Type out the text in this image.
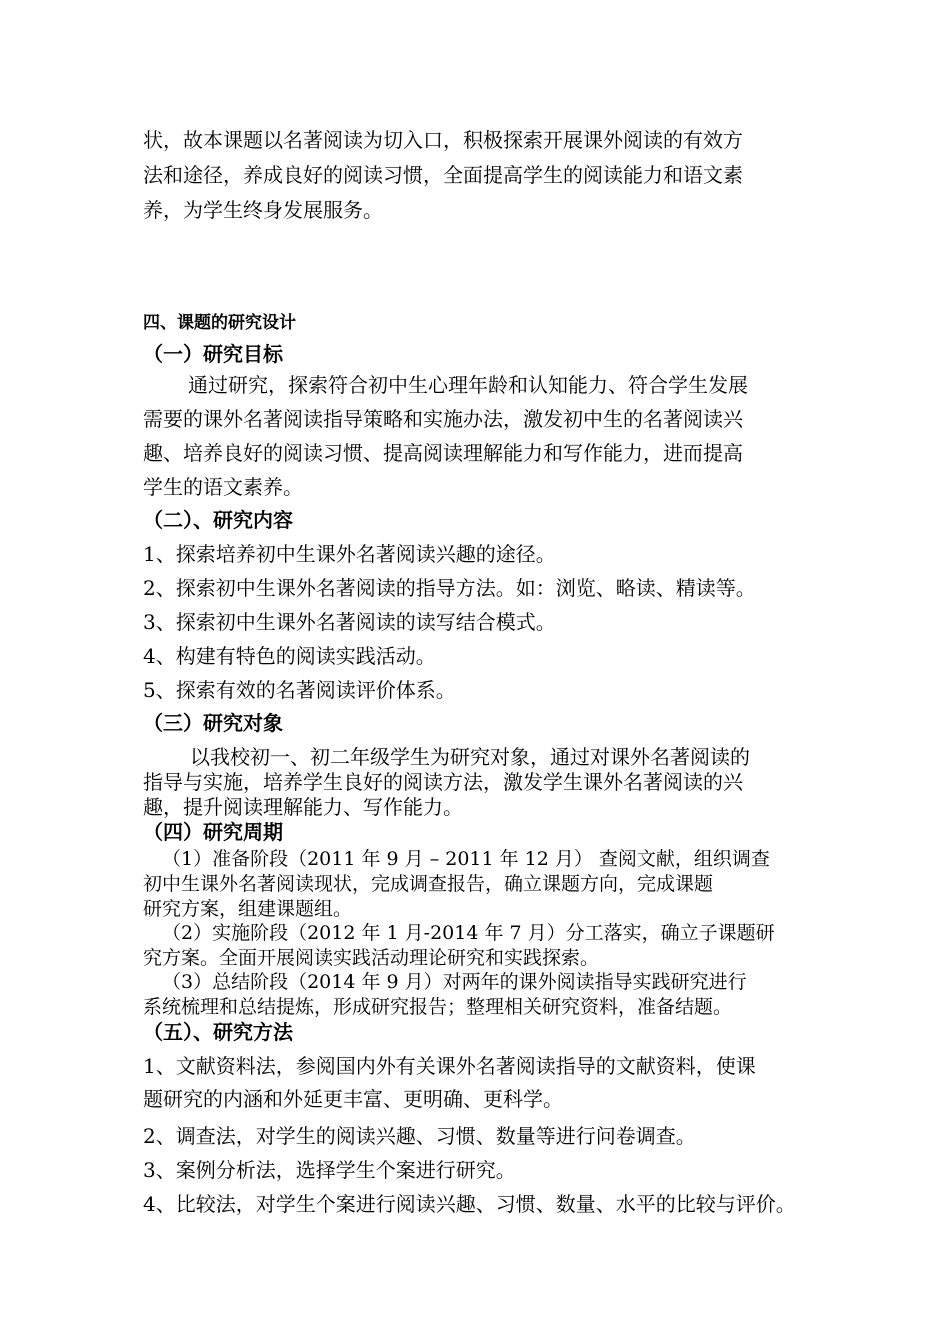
状，故本课题以名著阅读为切入口，积极探索开展课外阅读的有效方
法和途径，养成良好的阅读习惯，全面提高学生的阅读能力和语文素
养，为学生终身发展服务。
四、课题的研究设计
（一）研究目标
通过研究，探索符合初中生心理年龄和认知能力、符合学生发展
需要的课外名著阅读指导策略和实施办法，激发初中生的名著阅读兴
趣、培养良好的阅读习惯、提高阅读理解能力和写作能力，进而提高
学生的语文素养。
（二）、研究内容
1、探索培养初中生课外名著阅读兴趣的途径。
2、探索初中生课外名著阅读的指导方法。如：浏览、略读、精读等。
3、探索初中生课外名著阅读的读写结合模式。
4、构建有特色的阅读实践活动。
5、探索有效的名著阅读评价体系。
（三）研究对象
以我校初一、初二年级学生为研究对象，通过对课外名著阅读的
指导与实施，培养学生良好的阅读方法，激发学生课外名著阅读的兴
趣，提升阅读理解能力、写作能力。
（四）研究周期
（1）准备阶段（2011 年 9 月 – 2011 年 12 月） 查阅文献，组织调查
初中生课外名著阅读现状，完成调查报告，确立课题方向，完成课题
研究方案，组建课题组。
（2）实施阶段（2012 年 1 月-2014 年 7 月）分工落实，确立子课题研
究方案。全面开展阅读实践活动理论研究和实践探索。
（3）总结阶段（2014 年 9 月）对两年的课外阅读指导实践研究进行
系统梳理和总结提炼，形成研究报告；整理相关研究资料，准备结题。
（五）、研究方法
1、文献资料法，参阅国内外有关课外名著阅读指导的文献资料，使课
题研究的内涵和外延更丰富、更明确、更科学。
2、调查法，对学生的阅读兴趣、习惯、数量等进行问卷调查。
3、案例分析法，选择学生个案进行研究。
4、比较法，对学生个案进行阅读兴趣、习惯、数量、水平的比较与评价。
